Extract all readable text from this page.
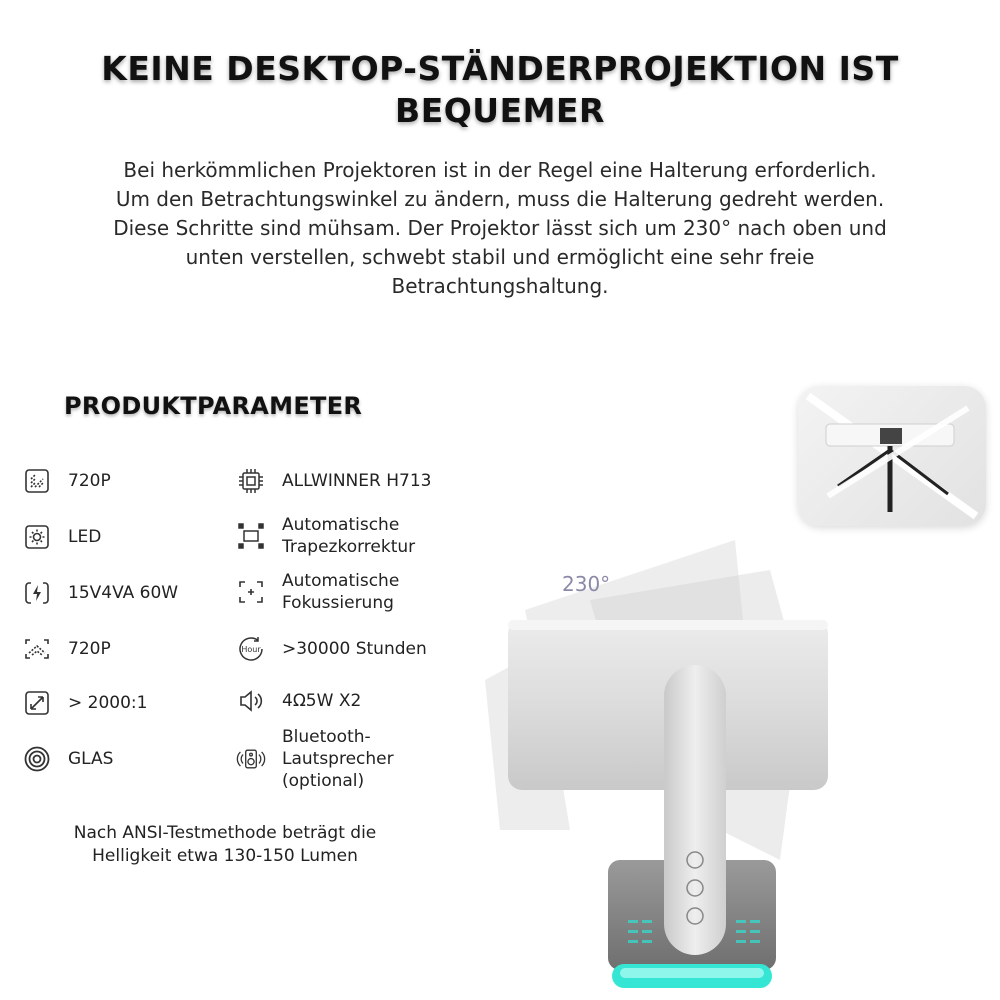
KEINE DESKTOP-STÄNDERPROJEKTION IST BEQUEMER
Bei herkömmlichen Projektoren ist in der Regel eine Halterung erforderlich.
Um den Betrachtungswinkel zu ändern, muss die Halterung gedreht werden.
Diese Schritte sind mühsam. Der Projektor lässt sich um 230° nach oben und
unten verstellen, schwebt stabil und ermöglicht eine sehr freie
Betrachtungshaltung.
PRODUKTPARAMETER
720P
LED
15V4VA 60W
720P
> 2000:1
GLAS
ALLWINNER H713
Automatische
Trapezkorrektur
Automatische
Fokussierung
Hour >30000 Stunden
4Ω5W X2
Bluetooth-
Lautsprecher
(optional)
Nach ANSI-Testmethode beträgt die
Helligkeit etwa 130-150 Lumen
230°
